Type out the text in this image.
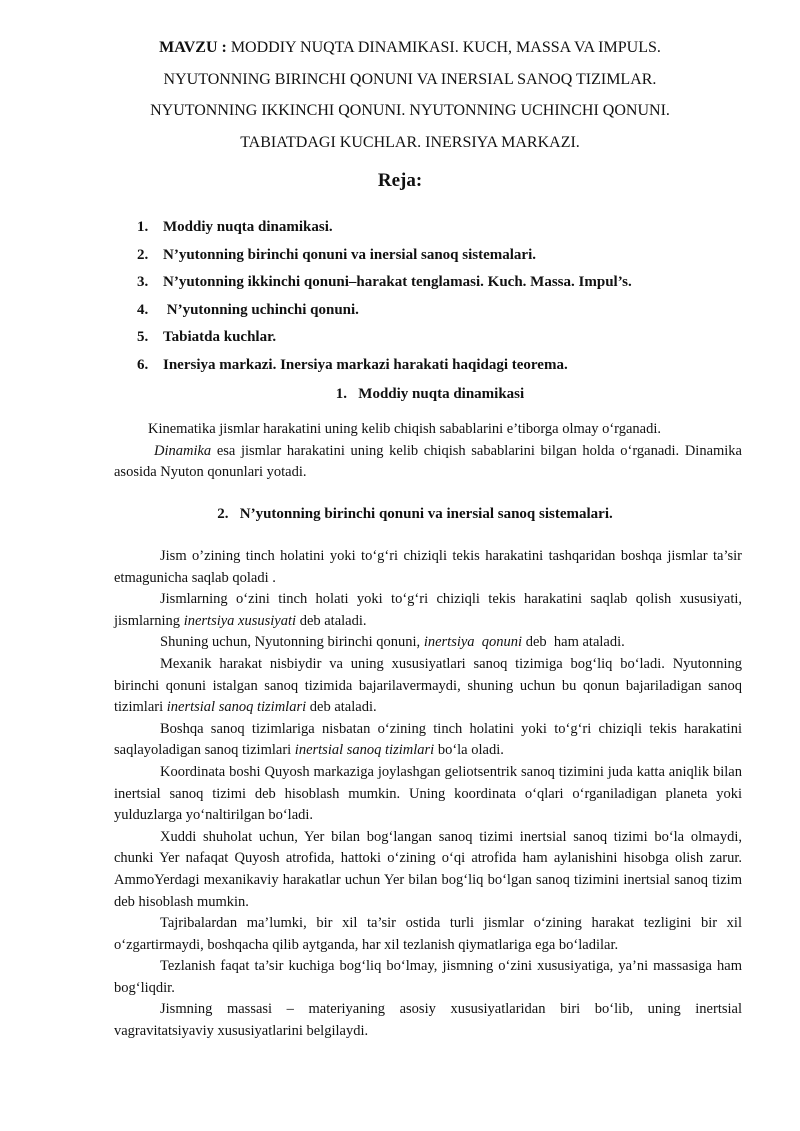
MAVZU : MODDIY NUQTA DINAMIKASI. KUCH, MASSA VA IMPULS.

NYUTONNING BIRINCHI QONUNI VA INERSIAL SANOQ TIZIMLAR.

NYUTONNING IKKINCHI QONUNI. NYUTONNING UCHINCHI QONUNI.

TABIATDAGI KUCHLAR. INERSIYA MARKAZI.

Reja:
1. Moddiy nuqta dinamikasi.
2. N’yutonning birinchi qonuni va inersial sanoq sistemalari.
3. N’yutonning ikkinchi qonuni–harakat tenglamasi. Kuch. Massa. Impul’s.
4. N’yutonning uchinchi qonuni.
5. Tabiatda kuchlar.
6. Inersiya markazi. Inersiya markazi harakati haqidagi teorema.
1.   Moddiy nuqta dinamikasi

Kinematika jismlar harakatini uning kelib chiqish sabablarini e’tiborga olmay o‘rganadi.

Dinamika esa jismlar harakatini uning kelib chiqish sabablarini bilgan holda o‘rganadi. Dinamika asosida Nyuton qonunlari yotadi.

2.   N’yutonning birinchi qonuni va inersial sanoq sistemalari.

Jism o’zining tinch holatini yoki to‘g‘ri chiziqli tekis harakatini tashqaridan boshqa jismlar ta’sir etmagunicha saqlab qoladi .

Jismlarning o‘zini tinch holati yoki to‘g‘ri chiziqli tekis harakatini saqlab qolish xususiyati, jismlarning inertsiya xususiyati deb ataladi.

Shuning uchun, Nyutonning birinchi qonuni, inertsiya  qonuni deb  ham ataladi.

Mexanik harakat nisbiydir va uning xususiyatlari sanoq tizimiga bog‘liq bo‘ladi. Nyutonning birinchi qonuni istalgan sanoq tizimida bajarilavermaydi, shuning uchun bu qonun bajariladigan sanoq tizimlari inertsial sanoq tizimlari deb ataladi.

Boshqa sanoq tizimlariga nisbatan o‘zining tinch holatini yoki to‘g‘ri chiziqli tekis harakatini saqlayoladigan sanoq tizimlari inertsial sanoq tizimlari bo‘la oladi.

Koordinata boshi Quyosh markaziga joylashgan geliotsentrik sanoq tizimini juda katta aniqlik bilan inertsial sanoq tizimi deb hisoblash mumkin. Uning koordinata o‘qlari o‘rganiladigan planeta yoki yulduzlarga yo‘naltirilgan bo‘ladi.

Xuddi shuholat uchun, Yer bilan bog‘langan sanoq tizimi inertsial sanoq tizimi bo‘la olmaydi, chunki Yer nafaqat Quyosh atrofida, hattoki o‘zining o‘qi atrofida ham aylanishini hisobga olish zarur. AmmoYerdagi mexanikaviy harakatlar uchun Yer bilan bog‘liq bo‘lgan sanoq tizimini inertsial sanoq tizim deb hisoblash mumkin.

Tajribalardan ma’lumki, bir xil ta’sir ostida turli jismlar o‘zining harakat tezligini bir xil o‘zgartirmaydi, boshqacha qilib aytganda, har xil tezlanish qiymatlariga ega bo‘ladilar.

Tezlanish faqat ta’sir kuchiga bog‘liq bo‘lmay, jismning o‘zini xususiyatiga, ya’ni massasiga ham bog‘liqdir.

Jismning massasi – materiyaning asosiy xususiyatlaridan biri bo‘lib, uning inertsial vagravitatsiyaviy xususiyatlarini belgilaydi.
